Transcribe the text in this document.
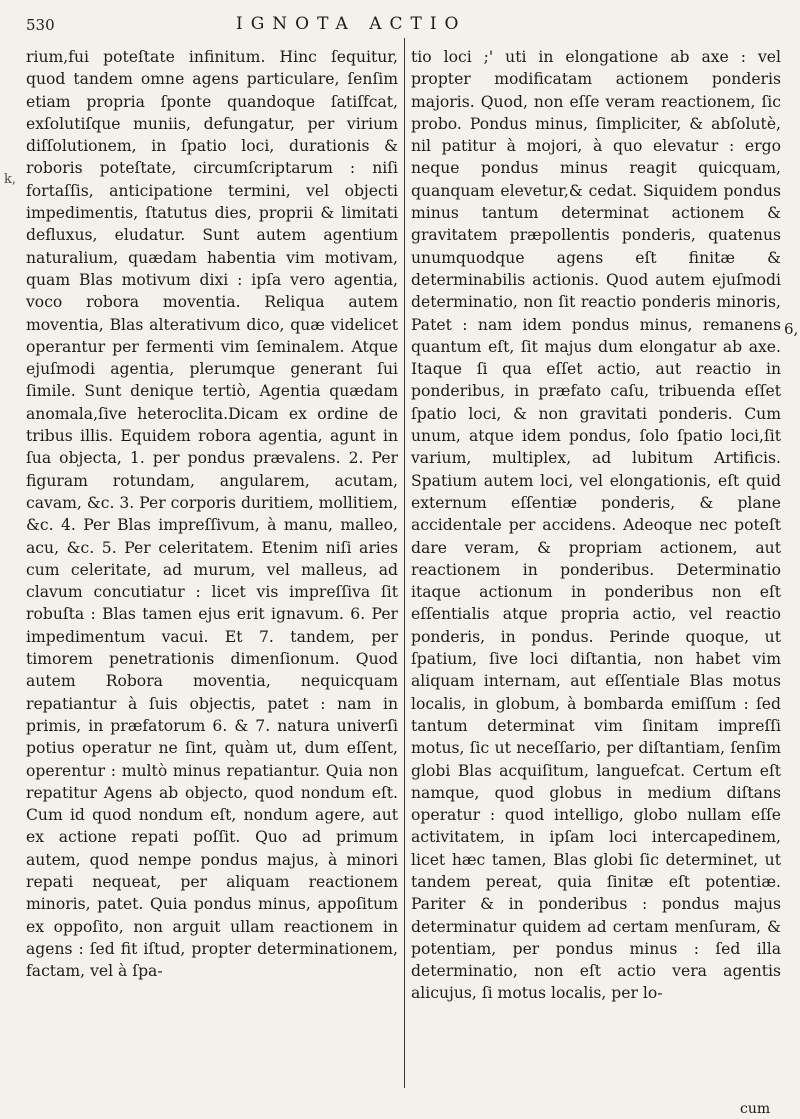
530	IGNOTA ACTIO
k,

rium,fui poteſtate infinitum. Hinc ſequitur, quod tandem omne agens particulare, ſenſim etiam propria ſponte quandoque ſatiſfcat, exſolutiſque muniis, defungatur, per virium diſſolutionem, in ſpatio loci, durationis & roboris poteſtate, circumſcriptarum : niſi fortaſſis, anticipatione termini, vel objecti impedimentis, ſtatutus dies, proprii & limitati defluxus, eludatur. Sunt autem agentium naturalium, quædam habentia vim motivam, quam Blas motivum dixi : ipſa vero agentia, voco robora moventia. Reliqua autem moventia, Blas alterativum dico, quæ videlicet operantur per fermenti vim ſeminalem. Atque ejuſmodi agentia, plerumque generant ſui ſimile. Sunt denique tertiò, Agentia quædam anomala,ſive heteroclita.Dicam ex ordine de tribus illis. Equidem robora agentia, agunt in ſua objecta, 1. per pondus prævalens. 2. Per figuram rotundam, angularem, acutam, cavam, &c. 3. Per corporis duritiem, mollitiem, &c. 4. Per Blas impreſſivum, à manu, malleo, acu, &c. 5. Per celeritatem. Etenim niſi aries cum celeritate, ad murum, vel malleus, ad clavum concutiatur : licet vis impreſſiva ſit robuſta : Blas tamen ejus erit ignavum. 6. Per impedimentum vacui. Et 7. tandem, per timorem penetrationis dimenſionum. Quod autem Robora moventia, nequicquam repatiantur à ſuis objectis, patet : nam in primis, in præfatorum 6. & 7. natura univerſi potius operatur ne ſint, quàm ut, dum eſſent, operentur : multò minus repatiantur. Quia non repatitur Agens ab objecto, quod nondum eſt. Cum id quod nondum eſt, nondum agere, aut ex actione repati poſſit. Quo ad primum autem, quod nempe pondus majus, à minori repati nequeat, per aliquam reactionem minoris, patet. Quia pondus minus, appoſitum ex oppoſito, non arguit ullam reactionem in agens : ſed fit iſtud, propter determinationem, factam, vel à ſpa-

tio loci ;' uti in elongatione ab axe : vel propter modificatam actionem ponderis majoris. Quod, non eſſe veram reactionem, ſic probo. Pondus minus, ſimpliciter, & abſolutè, nil patitur à mojori, à quo elevatur : ergo neque pondus minus reagit quicquam, quanquam elevetur,& cedat. Siquidem pondus minus tantum determinat actionem & gravitatem præpollentis ponderis, quatenus unumquodque agens eſt finitæ & determinabilis actionis. Quod autem ejuſmodi determinatio, non ſit reactio ponderis minoris, Patet : nam idem pondus minus, remanens quantum eſt, ſit majus dum elongatur ab axe. Itaque ſi qua eſſet actio, aut reactio in ponderibus, in præfato caſu, tribuenda eſſet ſpatio loci, & non gravitati ponderis. Cum unum, atque idem pondus, ſolo ſpatio loci,ſit varium, multiplex, ad lubitum Artificis. Spatium autem loci, vel elongationis, eſt quid externum eſſentiæ ponderis, & plane accidentale per accidens. Adeoque nec poteſt dare veram, & propriam actionem, aut reactionem in ponderibus. Determinatio itaque actionum in ponderibus non eſt eſſentialis atque propria actio, vel reactio ponderis, in pondus. Perinde quoque, ut ſpatium, ſive loci diſtantia, non habet vim aliquam internam, aut eſſentiale Blas motus localis, in globum, à bombarda emiſſum : ſed tantum determinat vim ſinitam impreſſi motus, ſic ut neceſſario, per diſtantiam, ſenſim globi Blas acquiſitum, languefcat. Certum eſt namque, quod globus in medium diſtans operatur : quod intelligo, globo nullam eſſe activitatem, in ipſam loci intercapedinem, licet hæc tamen, Blas globi ſic determinet, ut tandem pereat, quia ſinitæ eſt potentiæ. Pariter & in ponderibus : pondus majus determinatur quidem ad certam menſuram, & potentiam, per pondus minus : ſed illa determinatio, non eſt actio vera agentis alicujus, ſi motus localis, per lo-

6,
cum
